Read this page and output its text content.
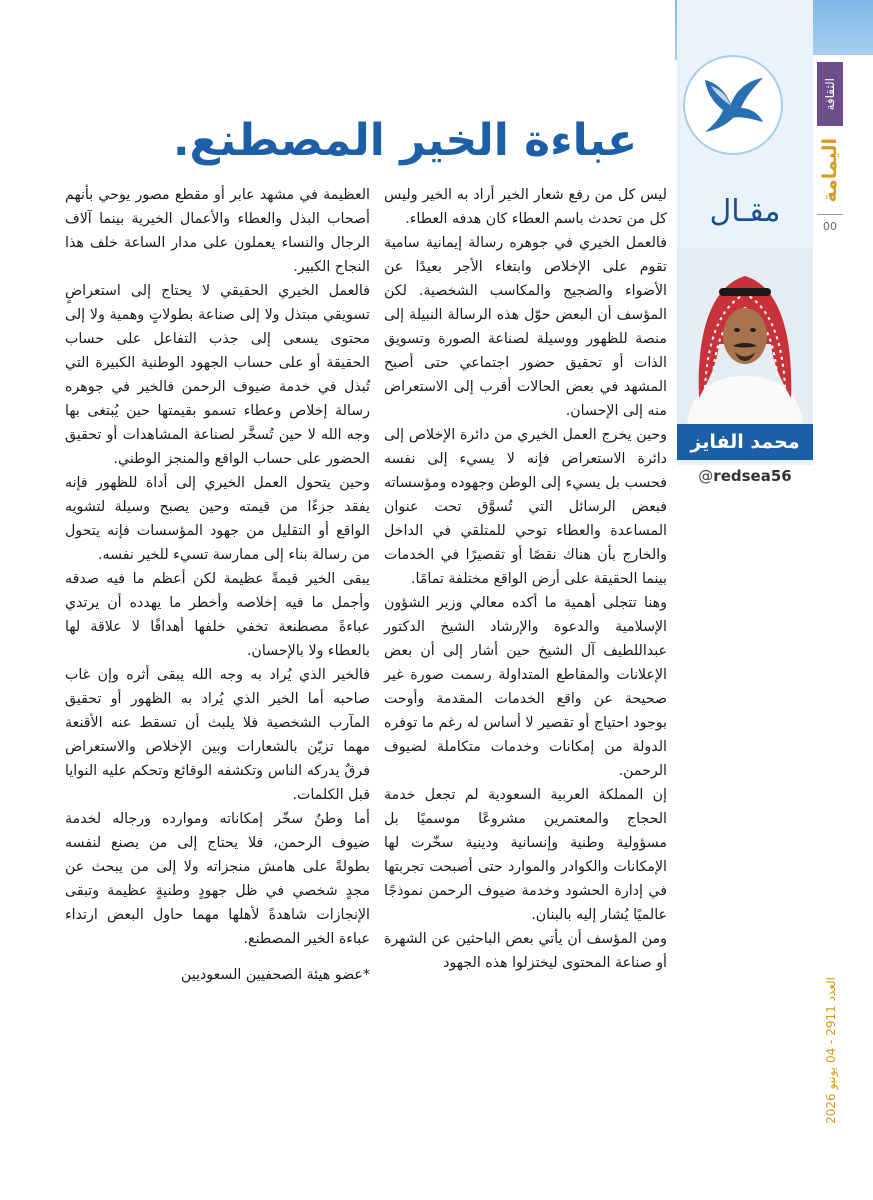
الثقافة
اليمامة
00
العدد 2911 - 04 يونيو 2026
مقـال
محمد الفايز
@redsea56
عباءة الخير المصطنع.

ليس كل من رفع شعار الخير أراد به الخير وليس كل من تحدث باسم العطاء كان هدفه العطاء.

فالعمل الخيري في جوهره رسالة إيمانية سامية تقوم على الإخلاص وابتغاء الأجر بعيدًا عن الأضواء والضجيج والمكاسب الشخصية. لكن المؤسف أن البعض حوّل هذه الرسالة النبيلة إلى منصة للظهور ووسيلة لصناعة الصورة وتسويق الذات أو تحقيق حضور اجتماعي حتى أصبح المشهد في بعض الحالات أقرب إلى الاستعراض منه إلى الإحسان.

وحين يخرج العمل الخيري من دائرة الإخلاص إلى دائرة الاستعراض فإنه لا يسيء إلى نفسه فحسب بل يسيء إلى الوطن وجهوده ومؤسساته فبعض الرسائل التي تُسوَّق تحت عنوان المساعدة والعطاء توحي للمتلقي في الداخل والخارج بأن هناك نقصًا أو تقصيرًا في الخدمات بينما الحقيقة على أرض الواقع مختلفة تمامًا.

وهنا تتجلى أهمية ما أكده معالي وزير الشؤون الإسلامية والدعوة والإرشاد الشيخ الدكتور عبداللطيف آل الشيخ حين أشار إلى أن بعض الإعلانات والمقاطع المتداولة رسمت صورة غير صحيحة عن واقع الخدمات المقدمة وأوحت بوجود احتياج أو تقصير لا أساس له رغم ما توفره الدولة من إمكانات وخدمات متكاملة لضيوف الرحمن.

إن المملكة العربية السعودية لم تجعل خدمة الحجاج والمعتمرين مشروعًا موسميًا بل مسؤولية وطنية وإنسانية ودينية سخّرت لها الإمكانات والكوادر والموارد حتى أصبحت تجربتها في إدارة الحشود وخدمة ضيوف الرحمن نموذجًا عالميًا يُشار إليه بالبنان.

ومن المؤسف أن يأتي بعض الباحثين عن الشهرة أو صناعة المحتوى ليختزلوا هذه الجهود

العظيمة في مشهد عابر أو مقطع مصور يوحي بأنهم أصحاب البذل والعطاء والأعمال الخيرية بينما آلاف الرجال والنساء يعملون على مدار الساعة خلف هذا النجاح الكبير.

فالعمل الخيري الحقيقي لا يحتاج إلى استعراضٍ تسويقي مبتذل ولا إلى صناعة بطولاتٍ وهمية ولا إلى محتوى يسعى إلى جذب التفاعل على حساب الحقيقة أو على حساب الجهود الوطنية الكبيرة التي تُبذل في خدمة ضيوف الرحمن فالخير في جوهره رسالة إخلاص وعطاء تسمو بقيمتها حين يُبتغى بها وجه الله لا حين تُسخَّر لصناعة المشاهدات أو تحقيق الحضور على حساب الواقع والمنجز الوطني.

وحين يتحول العمل الخيري إلى أداة للظهور فإنه يفقد جزءًا من قيمته وحين يصبح وسيلة لتشويه الواقع أو التقليل من جهود المؤسسات فإنه يتحول من رسالة بناء إلى ممارسة تسيء للخير نفسه.

يبقى الخير قيمةً عظيمة لكن أعظم ما فيه صدقه وأجمل ما فيه إخلاصه وأخطر ما يهدده أن يرتدي عباءةً مصطنعة تخفي خلفها أهدافًا لا علاقة لها بالعطاء ولا بالإحسان.

فالخير الذي يُراد به وجه الله يبقى أثره وإن غاب صاحبه أما الخير الذي يُراد به الظهور أو تحقيق المآرب الشخصية فلا يلبث أن تسقط عنه الأقنعة مهما تزيّن بالشعارات وبين الإخلاص والاستعراض فرقٌ يدركه الناس وتكشفه الوقائع وتحكم عليه النوايا قبل الكلمات.

أما وطنٌ سخّر إمكاناته وموارده ورجاله لخدمة ضيوف الرحمن، فلا يحتاج إلى من يصنع لنفسه بطولةً على هامش منجزاته ولا إلى من يبحث عن مجدٍ شخصي في ظل جهودٍ وطنيةٍ عظيمة وتبقى الإنجازات شاهدةً لأهلها مهما حاول البعض ارتداء عباءة الخير المصطنع.

*عضو هيئة الصحفيين السعوديين
